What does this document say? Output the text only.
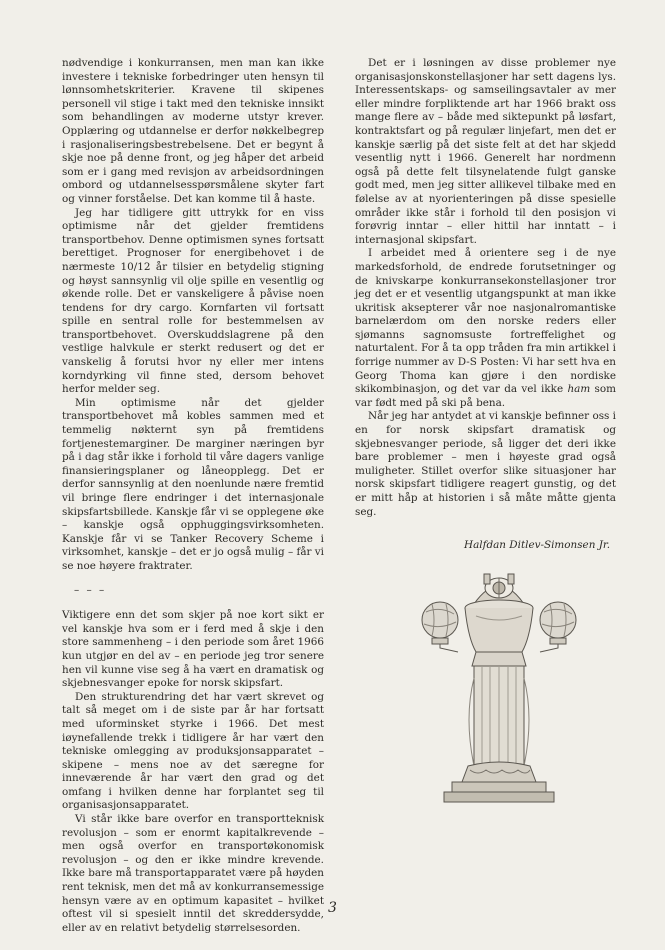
nødvendige i konkurransen, men man kan ikke investere i tekniske forbedringer uten hensyn til lønnsomhetskriterier. Kravene til skipenes personell vil stige i takt med den tekniske innsikt som behandlingen av moderne utstyr krever. Opplæring og utdannelse er derfor nøkkelbegrep i rasjonaliseringsbestrebelsene. Det er begynt å skje noe på denne front, og jeg håper det arbeid som er i gang med revisjon av arbeidsordningen ombord og utdannelsesspørsmålene skyter fart og vinner forståelse. Det kan komme til å haste.

Jeg har tidligere gitt uttrykk for en viss optimisme når det gjelder fremtidens transportbehov. Denne optimismen synes fortsatt berettiget. Prognoser for energibehovet i de nærmeste 10/12 år tilsier en betydelig stigning og høyst sannsynlig vil olje spille en vesentlig og økende rolle. Det er vanskeligere å påvise noen tendens for dry cargo. Kornfarten vil fortsatt spille en sentral rolle for bestemmelsen av transportbehovet. Overskuddslagrene på den vestlige halvkule er sterkt redusert og det er vanskelig å forutsi hvor ny eller mer intens korndyrking vil finne sted, dersom behovet herfor melder seg.

Min optimisme når det gjelder transportbehovet må kobles sammen med et temmelig nøkternt syn på fremtidens fortjenestemarginer. De marginer næringen byr på i dag står ikke i forhold til våre dagers vanlige finansieringsplaner og låneopplegg. Det er derfor sannsynlig at den noenlunde nære fremtid vil bringe flere endringer i det internasjonale skipsfartsbillede. Kanskje får vi se opplegene øke – kanskje også opphuggingsvirksomheten. Kanskje får vi se Tanker Recovery Scheme i virksomhet, kanskje – det er jo også mulig – får vi se noe høyere fraktrater.

– – –

Viktigere enn det som skjer på noe kort sikt er vel kanskje hva som er i ferd med å skje i den store sammenheng – i den periode som året 1966 kun utgjør en del av – en periode jeg tror senere hen vil kunne vise seg å ha vært en dramatisk og skjebnesvanger epoke for norsk skipsfart.

Den strukturendring det har vært skrevet og talt så meget om i de siste par år har fortsatt med uforminsket styrke i 1966. Det mest iøynefallende trekk i tidligere år har vært den tekniske omlegging av produksjonsapparatet – skipene – mens noe av det særegne for inneværende år har vært den grad og det omfang i hvilken denne har forplantet seg til organisasjonsapparatet.

Vi står ikke bare overfor en transportteknisk revolusjon – som er enormt kapitalkrevende – men også overfor en transportøkonomisk revolusjon – og den er ikke mindre krevende. Ikke bare må transportapparatet være på høyden rent teknisk, men det må av konkurransemessige hensyn være av en optimum kapasitet – hvilket oftest vil si spesielt inntil det skreddersydde, eller av en relativt betydelig størrelsesorden.

Det er i løsningen av disse problemer nye organisasjonskonstellasjoner har sett dagens lys. Interessentskaps- og samseilingsavtaler av mer eller mindre forpliktende art har 1966 brakt oss mange flere av – både med siktepunkt på løsfart, kontraktsfart og på regulær linjefart, men det er kanskje særlig på det siste felt at det har skjedd vesentlig nytt i 1966. Generelt har nordmenn også på dette felt tilsynelatende fulgt ganske godt med, men jeg sitter allikevel tilbake med en følelse av at nyorienteringen på disse spesielle områder ikke står i forhold til den posisjon vi forøvrig inntar – eller hittil har inntatt – i internasjonal skipsfart.

I arbeidet med å orientere seg i de nye markedsforhold, de endrede forutsetninger og de knivskarpe konkurransekonstellasjoner tror jeg det er et vesentlig utgangspunkt at man ikke ukritisk aksepterer vår noe nasjonalromantiske barnelærdom om den norske reders eller sjømanns sagnomsuste fortreffelighet og naturtalent. For å ta opp tråden fra min artikkel i forrige nummer av D-S Posten: Vi har sett hva en Georg Thoma kan gjøre i den nordiske skikombinasjon, og det var da vel ikke ham som var født med på ski på bena.

Når jeg har antydet at vi kanskje befinner oss i en for norsk skipsfart dramatisk og skjebnesvanger periode, så ligger det deri ikke bare problemer – men i høyeste grad også muligheter. Stillet overfor slike situasjoner har norsk skipsfart tidligere reagert gunstig, og det er mitt håp at historien i så måte måtte gjenta seg.

Halfdan Ditlev-Simonsen Jr.

3
